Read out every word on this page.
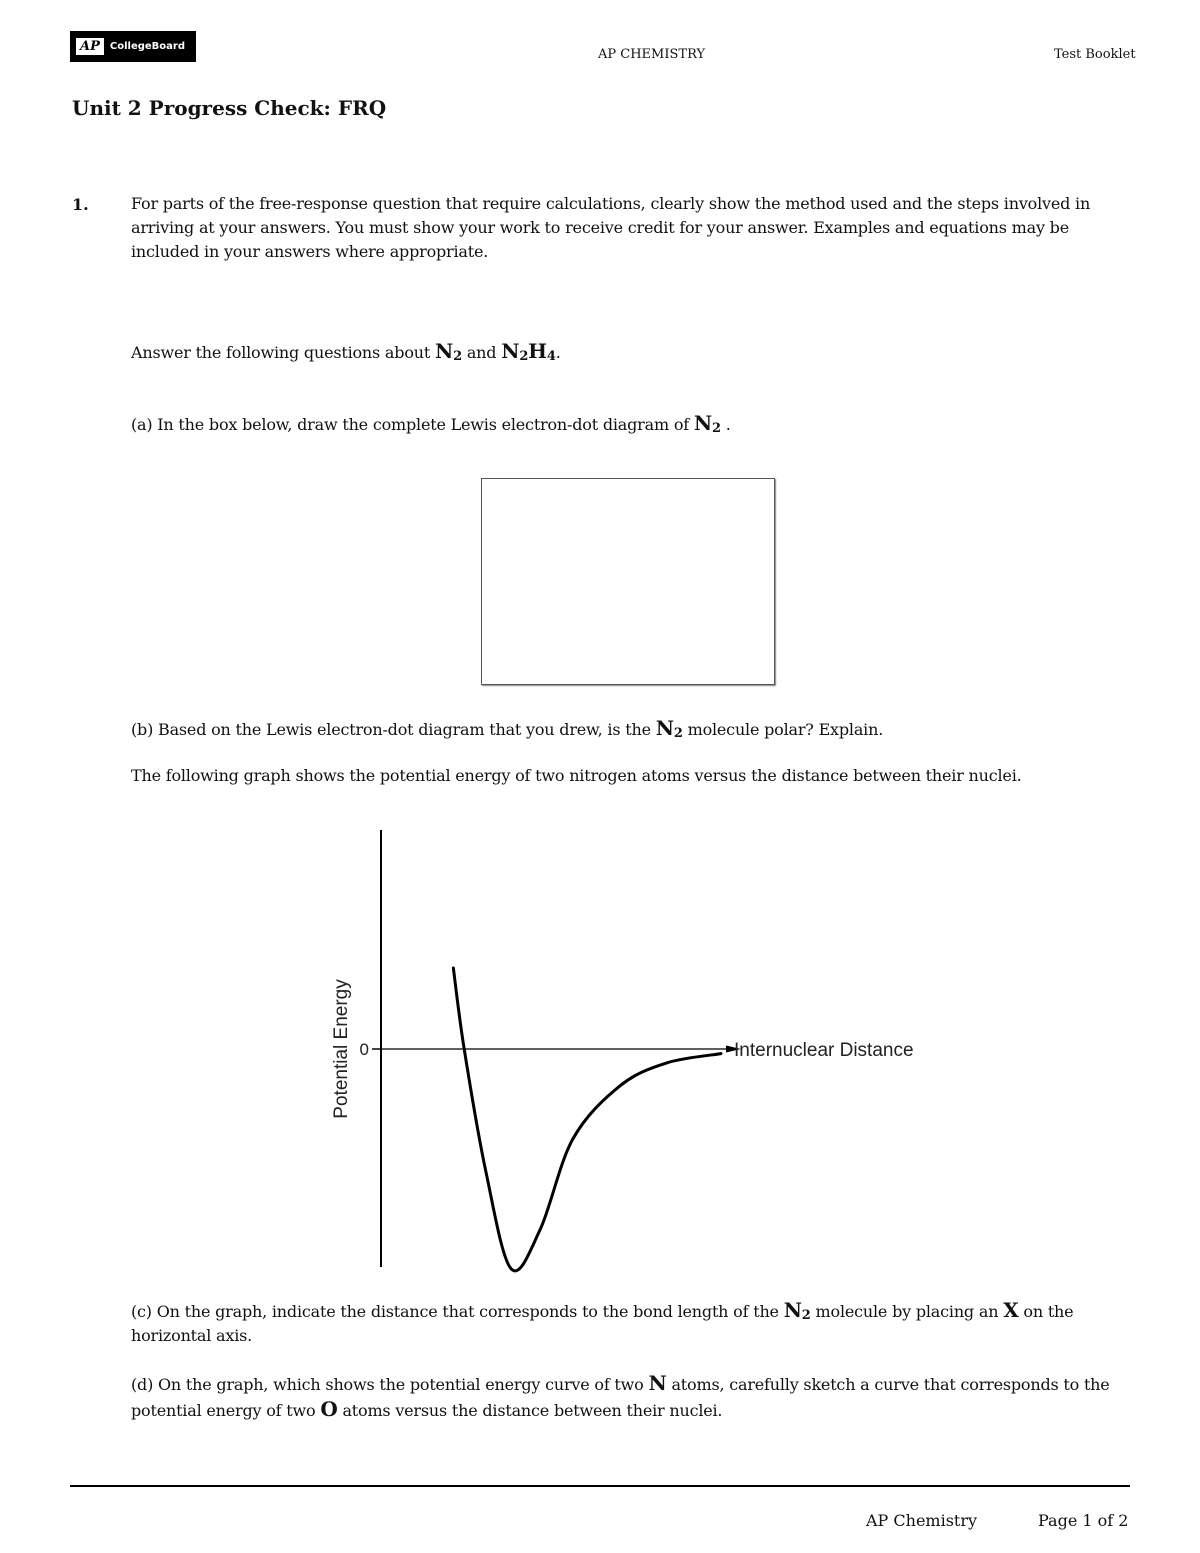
AP	CollegeBoard
AP CHEMISTRY	Test Booklet
Unit 2 Progress Check: FRQ
1.	For parts of the free-response question that require calculations, clearly show the method used and the steps involved in arriving at your answers. You must show your work to receive credit for your answer. Examples and equations may be included in your answers where appropriate.
Answer the following questions about $N_2$ and $N_2H_4$.
(a) In the box below, draw the complete Lewis electron-dot diagram of $N_2$ .
(b) Based on the Lewis electron-dot diagram that you drew, is the $N_2$ molecule polar? Explain.
The following graph shows the potential energy of two nitrogen atoms versus the distance between their nuclei.
0	Internuclear Distance
Potential Energy
(c) On the graph, indicate the distance that corresponds to the bond length of the $N_2$ molecule by placing an X on the horizontal axis.
(d) On the graph, which shows the potential energy curve of two N atoms, carefully sketch a curve that corresponds to the potential energy of two O atoms versus the distance between their nuclei.
AP Chemistry	Page 1 of 2
